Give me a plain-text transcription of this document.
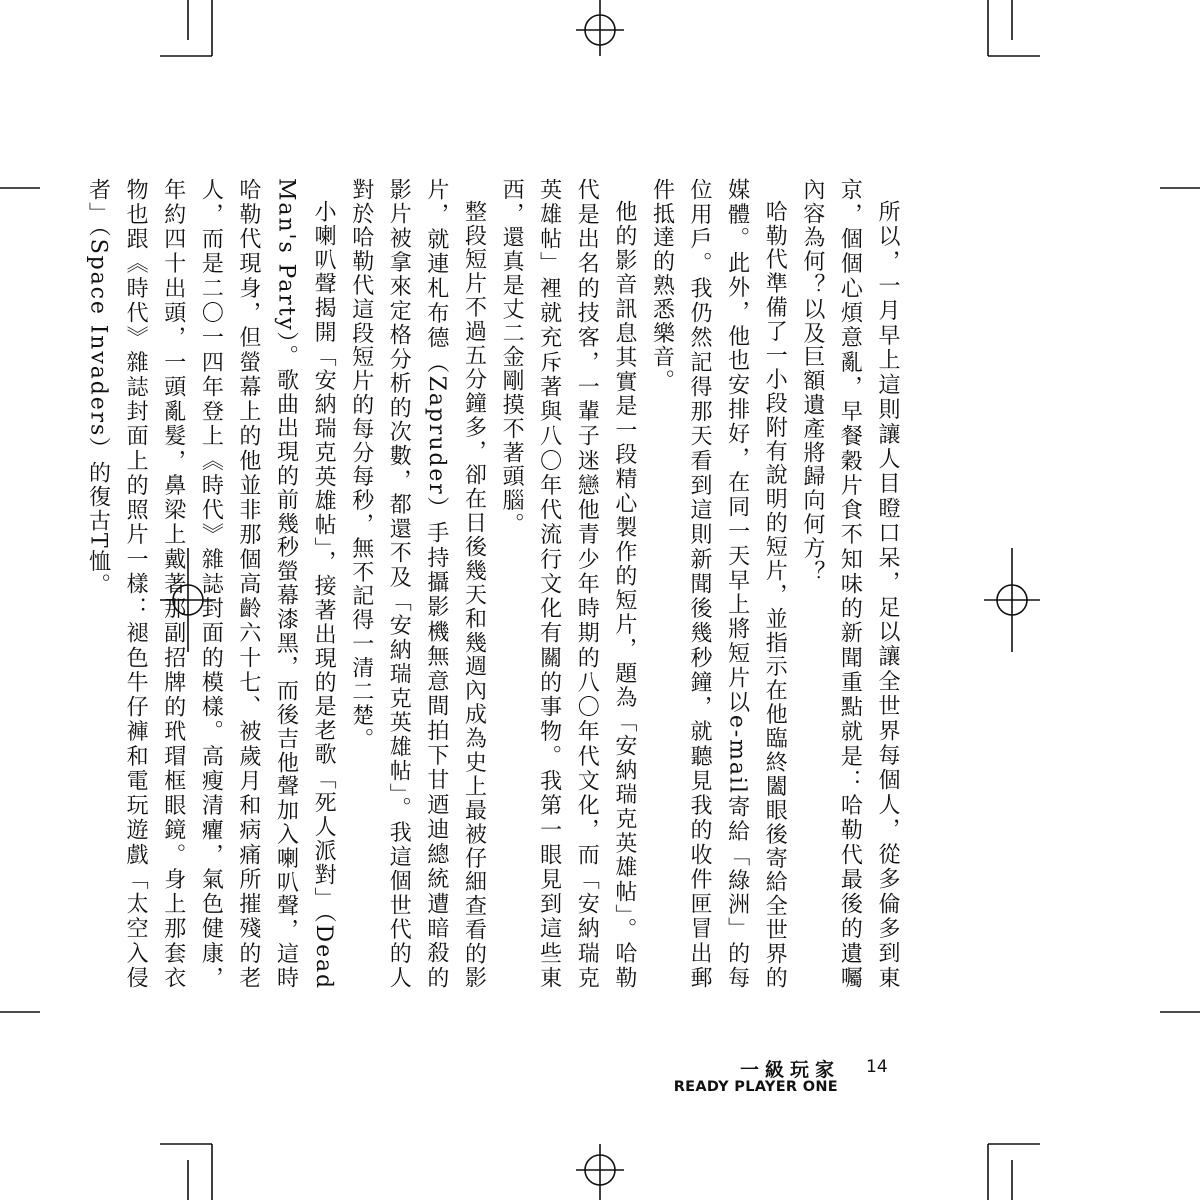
所以，一月早上這則讓人目瞪口呆，足以讓全世界每個人，從多倫多到東京，個個心煩意亂，早餐穀片食不知味的新聞重點就是：哈勒代最後的遺囑內容為何？以及巨額遺產將歸向何方？

哈勒代準備了一小段附有說明的短片，並指示在他臨終闔眼後寄給全世界的媒體。此外，他也安排好，在同一天早上將短片以e-mail寄給「綠洲」的每位用戶。我仍然記得那天看到這則新聞後幾秒鐘，就聽見我的收件匣冒出郵件抵達的熟悉樂音。

他的影音訊息其實是一段精心製作的短片，題為「安納瑞克英雄帖」。哈勒代是出名的技客，一輩子迷戀他青少年時期的八〇年代文化，而「安納瑞克英雄帖」裡就充斥著與八〇年代流行文化有關的事物。我第一眼見到這些東西，還真是丈二金剛摸不著頭腦。

整段短片不過五分鐘多，卻在日後幾天和幾週內成為史上最被仔細查看的影片，就連札布德（Zapruder）手持攝影機無意間拍下甘迺迪總統遭暗殺的影片被拿來定格分析的次數，都還不及「安納瑞克英雄帖」。我這個世代的人對於哈勒代這段短片的每分每秒，無不記得一清二楚。

小喇叭聲揭開「安納瑞克英雄帖」，接著出現的是老歌「死人派對」（Dead Man's Party）。歌曲出現的前幾秒螢幕漆黑，而後吉他聲加入喇叭聲，這時哈勒代現身，但螢幕上的他並非那個高齡六十七、被歲月和病痛所摧殘的老人，而是二〇一四年登上《時代》雜誌封面的模樣。高瘦清癯，氣色健康，年約四十出頭，一頭亂髮，鼻梁上戴著那副招牌的玳瑁框眼鏡。身上那套衣物也跟《時代》雜誌封面上的照片一樣：褪色牛仔褲和電玩遊戲「太空入侵者」（Space Invaders）的復古T恤。

一級玩家 14
READY PLAYER ONE
